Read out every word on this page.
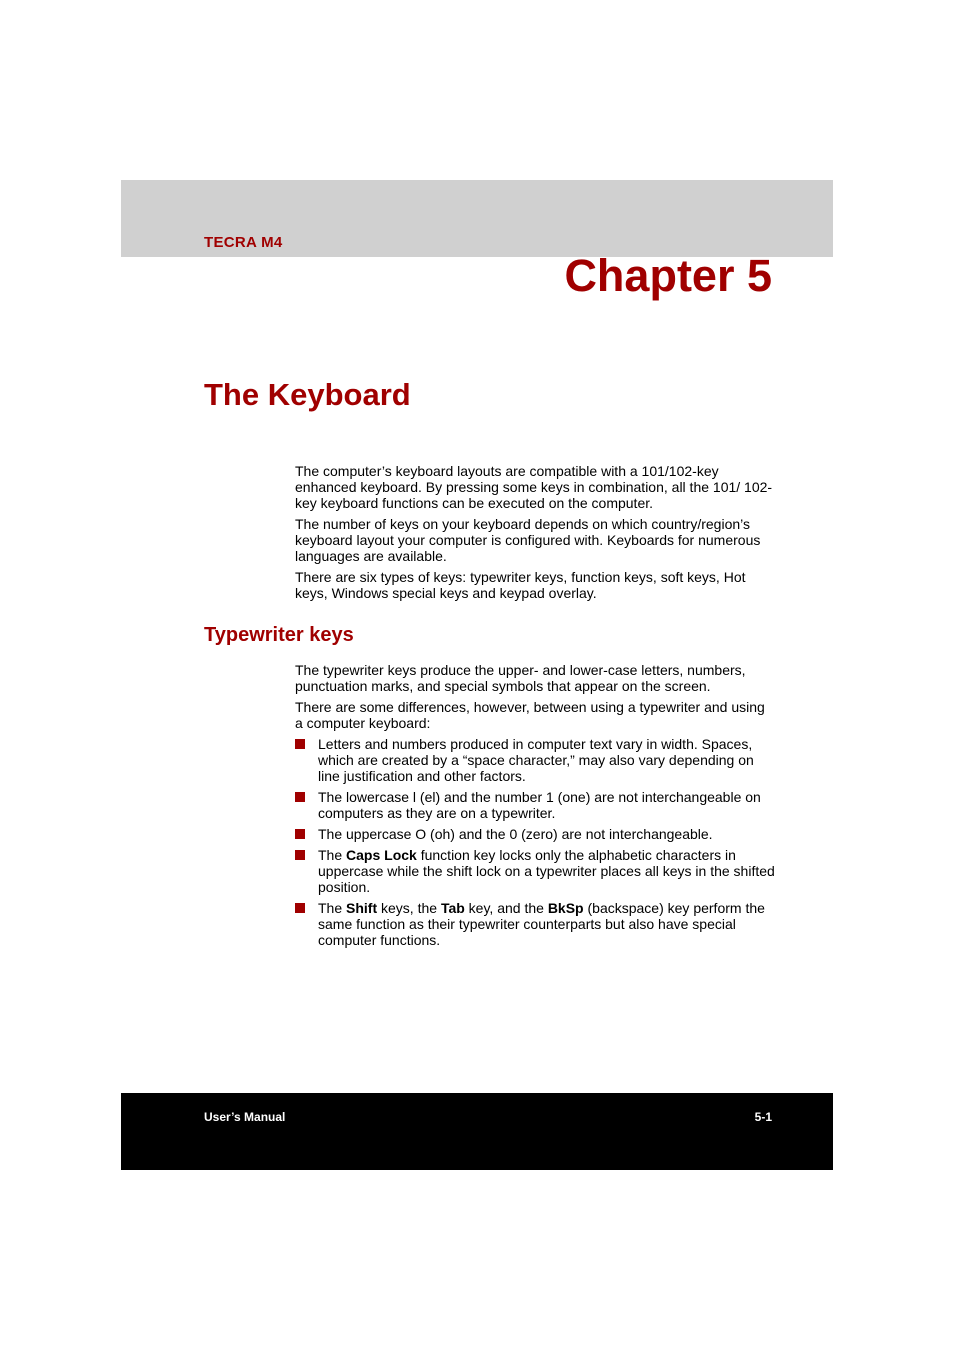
TECRA M4
Chapter 5
The Keyboard

The computer’s keyboard layouts are compatible with a 101/102-key enhanced keyboard. By pressing some keys in combination, all the 101/ 102-key keyboard functions can be executed on the computer.

The number of keys on your keyboard depends on which country/region’s keyboard layout your computer is configured with. Keyboards for numerous languages are available.

There are six types of keys: typewriter keys, function keys, soft keys, Hot keys, Windows special keys and keypad overlay.

Typewriter keys

The typewriter keys produce the upper- and lower-case letters, numbers, punctuation marks, and special symbols that appear on the screen.

There are some differences, however, between using a typewriter and using a computer keyboard:

Letters and numbers produced in computer text vary in width. Spaces, which are created by a “space character,” may also vary depending on line justification and other factors.
The lowercase l (el) and the number 1 (one) are not interchangeable on computers as they are on a typewriter.
The uppercase O (oh) and the 0 (zero) are not interchangeable.
The Caps Lock function key locks only the alphabetic characters in uppercase while the shift lock on a typewriter places all keys in the shifted position.
The Shift keys, the Tab key, and the BkSp (backspace) key perform the same function as their typewriter counterparts but also have special computer functions.
User’s Manual	5-1
